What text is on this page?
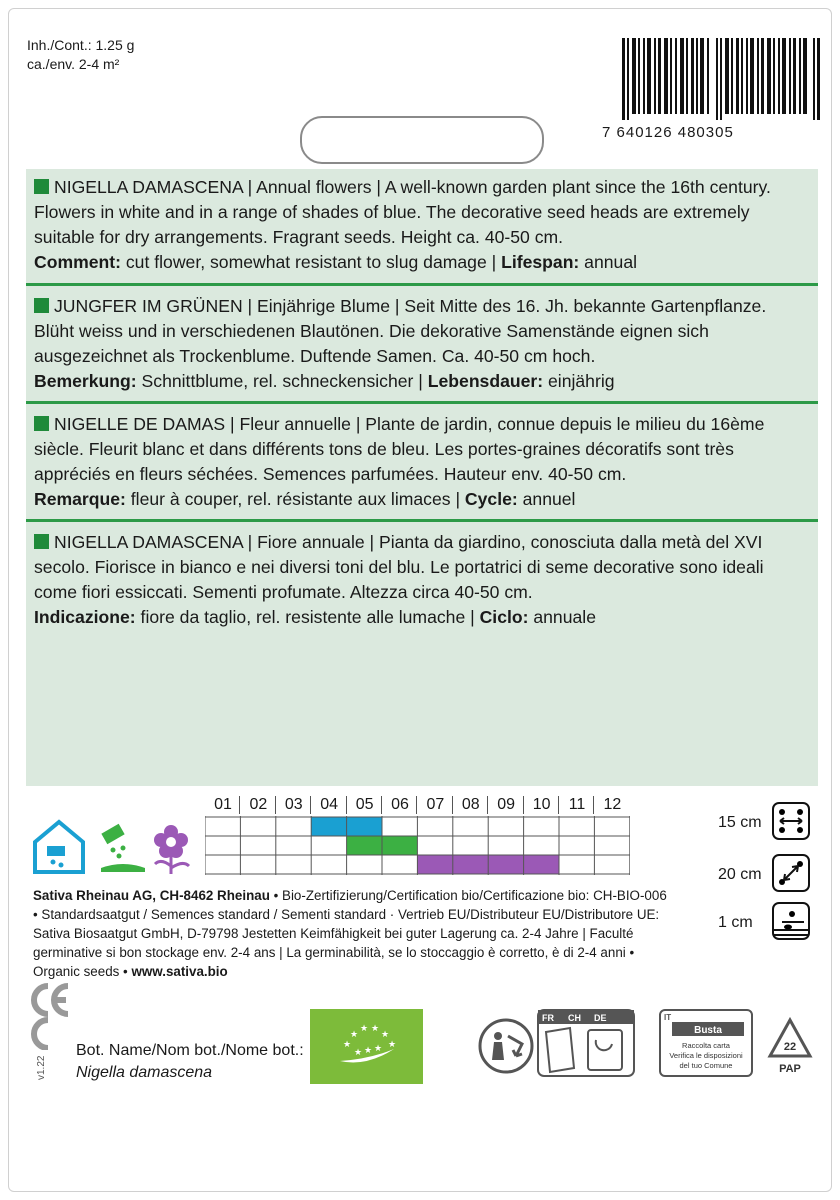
Inh./Cont.: 1.25 g
ca./env. 2-4 m²
7 640126 480305
NIGELLA DAMASCENA | Annual flowers | A well-known garden plant since the 16th century. Flowers in white and in a range of shades of blue. The decorative seed heads are extremely suitable for dry arrangements. Fragrant seeds. Height ca. 40-50 cm.
Comment: cut flower, somewhat resistant to slug damage | Lifespan: annual
JUNGFER IM GRÜNEN | Einjährige Blume | Seit Mitte des 16. Jh. bekannte Gartenpflanze. Blüht weiss und in verschiedenen Blautönen. Die dekorative Samenstände eignen sich ausgezeichnet als Trockenblume. Duftende Samen. Ca. 40-50 cm hoch.
Bemerkung: Schnittblume, rel. schneckensicher | Lebensdauer: einjährig
NIGELLE DE DAMAS | Fleur annuelle | Plante de jardin, connue depuis le milieu du 16ème siècle. Fleurit blanc et dans différents tons de bleu. Les portes-graines décoratifs sont très appréciés en fleurs séchées. Semences parfumées. Hauteur env. 40-50 cm.
Remarque: fleur à couper, rel. résistante aux limaces | Cycle: annuel
NIGELLA DAMASCENA | Fiore annuale | Pianta da giardino, conosciuta dalla metà del XVI secolo. Fiorisce in bianco e nei diversi toni del blu. Le portatrici di seme decorative sono ideali come fiori essiccati. Sementi profumate. Altezza circa 40-50 cm.
Indicazione: fiore da taglio, rel. resistente alle lumache | Ciclo: annuale
01	02	03	04	05	06	07	08	09	10	11	12
15 cm
20 cm
1 cm
Sativa Rheinau AG, CH-8462 Rheinau • Bio-Zertifizierung/Certification bio/Certificazione bio: CH-BIO-006 • Standardsaatgut / Semences standard / Sementi standard · Vertrieb EU/Distributeur EU/Distributore UE: Sativa Biosaatgut GmbH, D-79798 Jestetten Keimfähigkeit bei guter Lagerung ca. 2-4 Jahre | Faculté germinative si bon stockage env. 2-4 ans | La germinabilità, se lo stoccaggio è corretto, è di 2-4 anni • Organic seeds • www.sativa.bio
v1.22
Bot. Name/Nom bot./Nome bot.:
Nigella damascena
★
★
★ ★
★
★
★ ★ ★
FR CH DE	IT
Busta
Raccolta carta
Verifica le disposizioni
del tuo Comune
22
PAP
